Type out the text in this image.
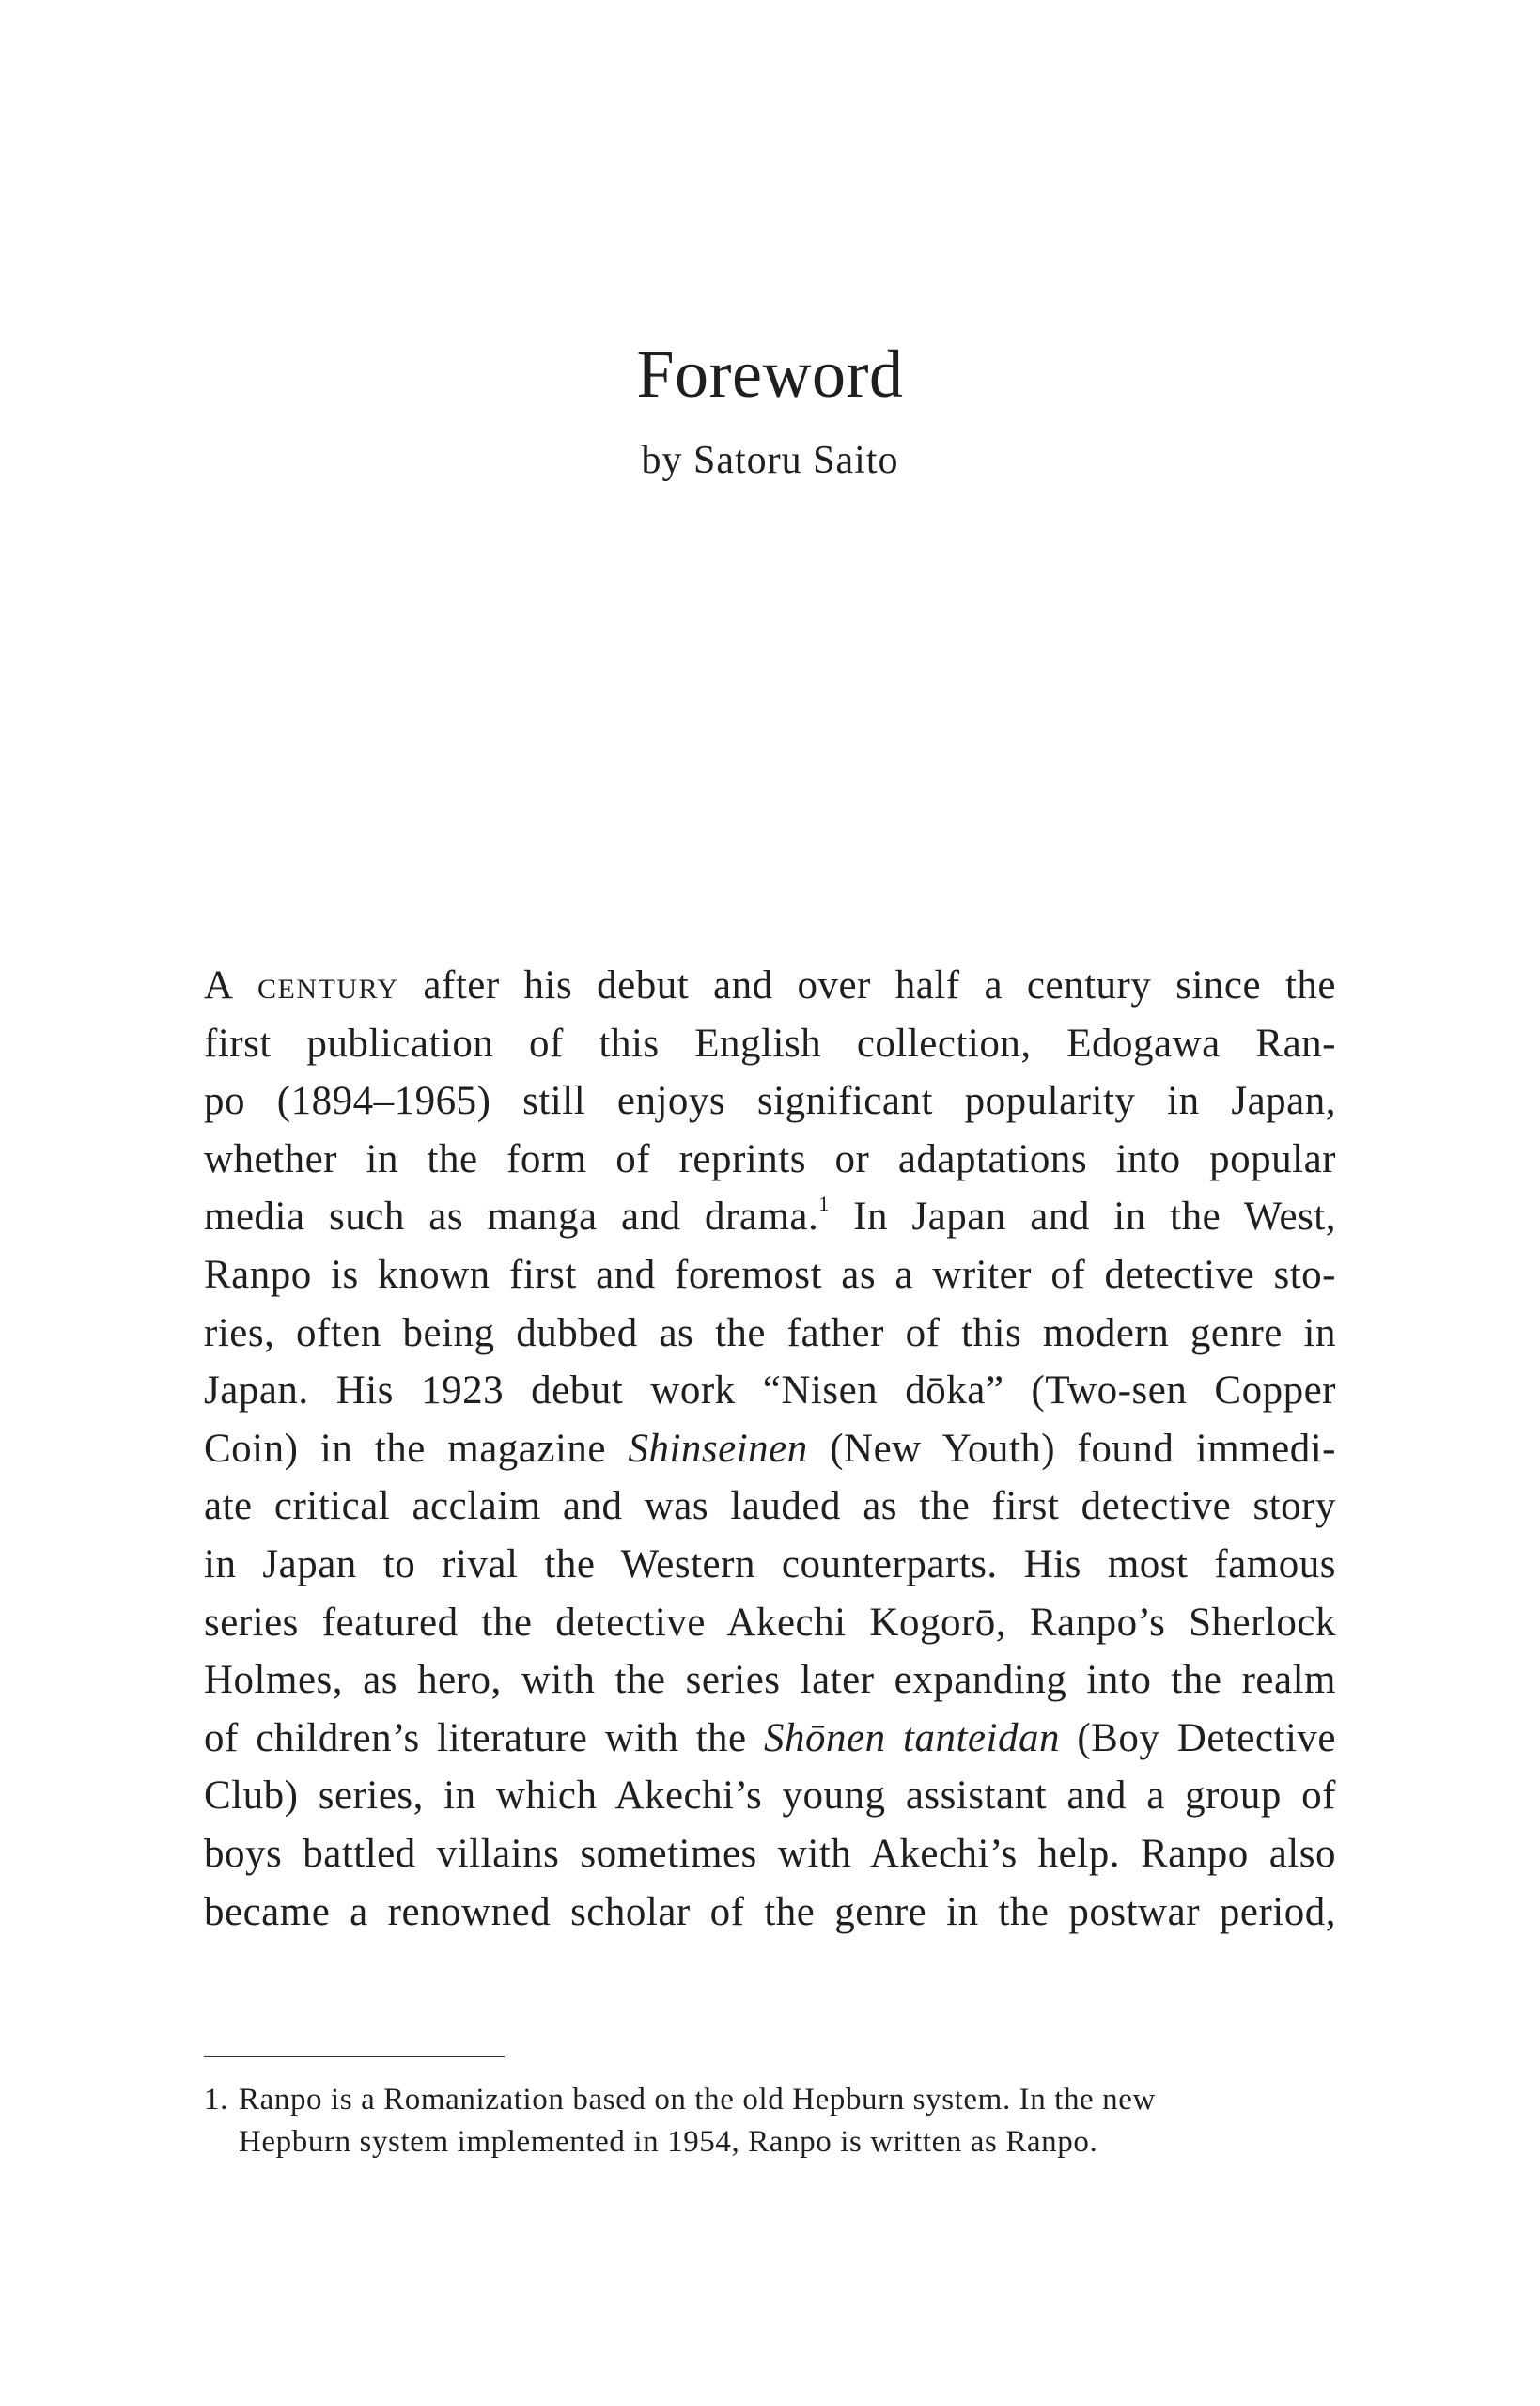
Foreword
by Satoru Saito
A century after his debut and over half a century since the
first publication of this English collection, Edogawa Ran-
po (1894–1965) still enjoys significant popularity in Japan,
whether in the form of reprints or adaptations into popular
media such as manga and drama.$^1$ In Japan and in the West,
Ranpo is known first and foremost as a writer of detective sto-
ries, often being dubbed as the father of this modern genre in
Japan. His 1923 debut work “Nisen dōka” (Two-sen Copper
Coin) in the magazine Shinseinen (New Youth) found immedi-
ate critical acclaim and was lauded as the first detective story
in Japan to rival the Western counterparts. His most famous
series featured the detective Akechi Kogorō, Ranpo’s Sherlock
Holmes, as hero, with the series later expanding into the realm
of children’s literature with the Shōnen tanteidan (Boy Detective
Club) series, in which Akechi’s young assistant and a group of
boys battled villains sometimes with Akechi’s help. Ranpo also
became a renowned scholar of the genre in the postwar period,
1. Ranpo is a Romanization based on the old Hepburn system. In the new
Hepburn system implemented in 1954, Ranpo is written as Ranpo.
